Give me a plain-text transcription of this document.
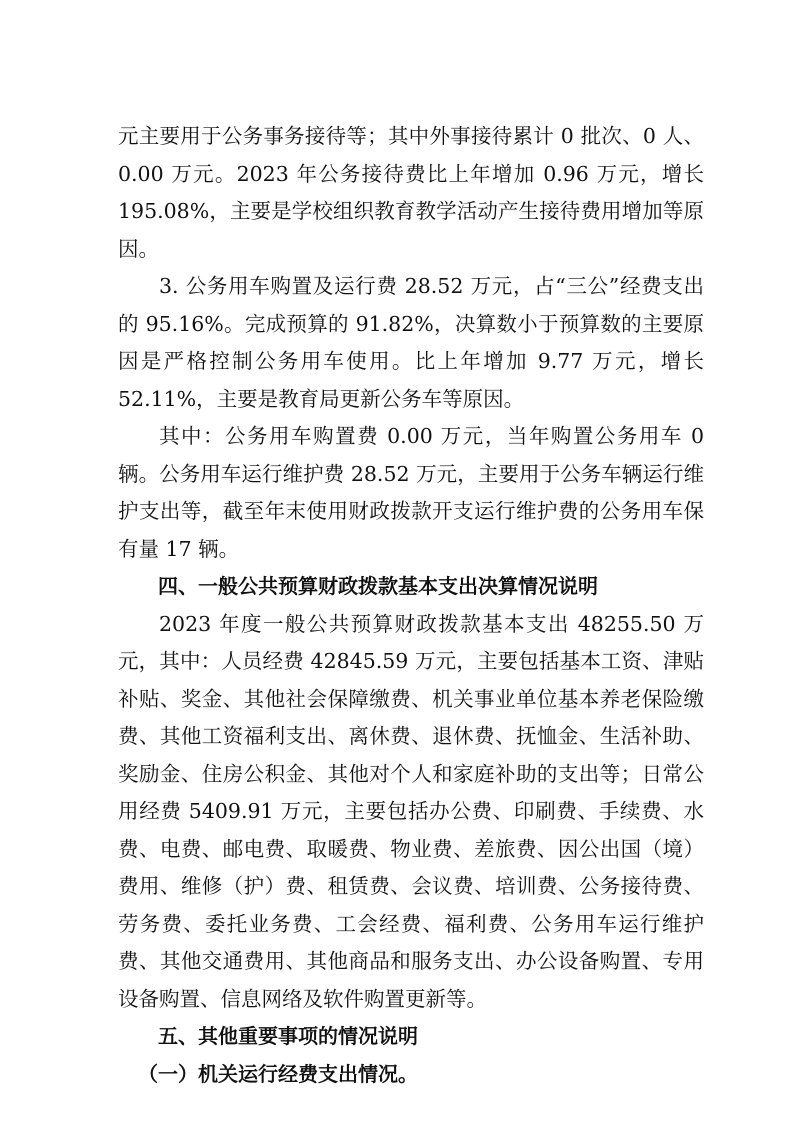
元主要用于公务事务接待等；其中外事接待累计 0 批次、0 人、0.00 万元。2023 年公务接待费比上年增加 0.96 万元，增长 195.08%，主要是学校组织教育教学活动产生接待费用增加等原因。

3. 公务用车购置及运行费 28.52 万元，占“三公”经费支出的 95.16%。完成预算的 91.82%，决算数小于预算数的主要原因是严格控制公务用车使用。比上年增加 9.77 万元，增长 52.11%，主要是教育局更新公务车等原因。

其中：公务用车购置费 0.00 万元，当年购置公务用车 0 辆。公务用车运行维护费 28.52 万元，主要用于公务车辆运行维护支出等，截至年末使用财政拨款开支运行维护费的公务用车保有量 17 辆。

四、一般公共预算财政拨款基本支出决算情况说明

2023 年度一般公共预算财政拨款基本支出 48255.50 万元，其中：人员经费 42845.59 万元，主要包括基本工资、津贴补贴、奖金、其他社会保障缴费、机关事业单位基本养老保险缴费、其他工资福利支出、离休费、退休费、抚恤金、生活补助、奖励金、住房公积金、其他对个人和家庭补助的支出等；日常公用经费 5409.91 万元，主要包括办公费、印刷费、手续费、水费、电费、邮电费、取暖费、物业费、差旅费、因公出国（境）费用、维修（护）费、租赁费、会议费、培训费、公务接待费、劳务费、委托业务费、工会经费、福利费、公务用车运行维护费、其他交通费用、其他商品和服务支出、办公设备购置、专用设备购置、信息网络及软件购置更新等。

五、其他重要事项的情况说明

（一）机关运行经费支出情况。
